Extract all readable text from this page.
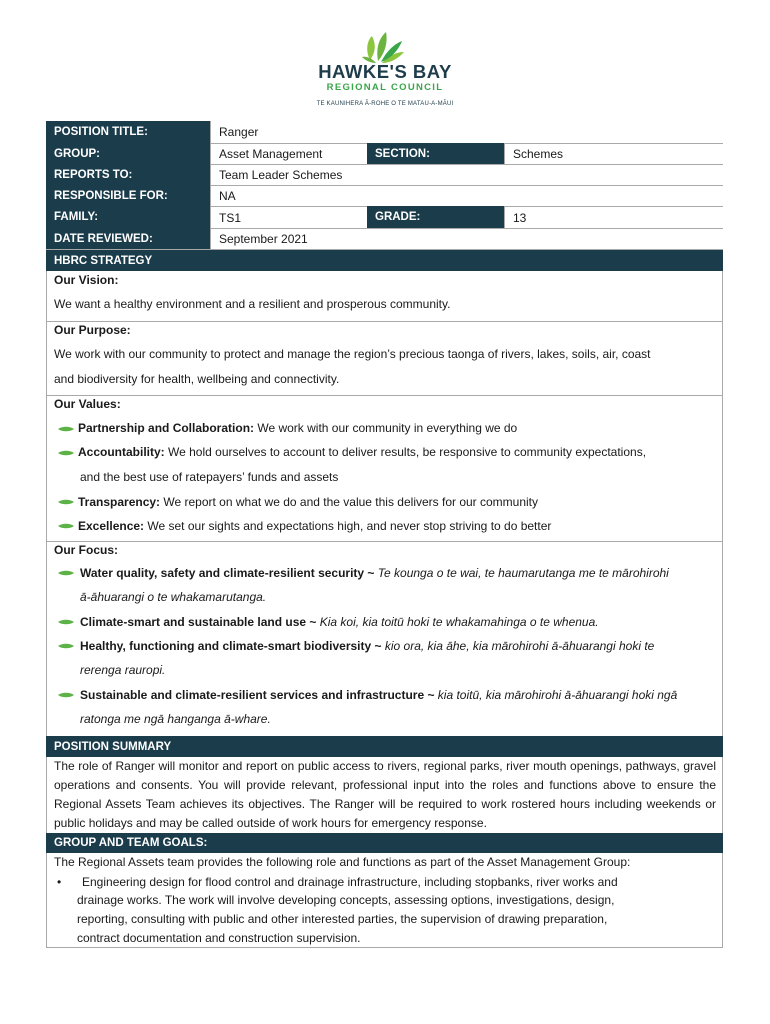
HAWKE'S BAY
REGIONAL COUNCIL
TE KAUNIHERA Ā-ROHE O TE MATAU-A-MĀUI
POSITION TITLE:	Ranger
GROUP:	Asset Management	SECTION:	Schemes
REPORTS TO:	Team Leader Schemes
RESPONSIBLE FOR:	NA
FAMILY:	TS1	GRADE:	13
DATE REVIEWED:	September 2021
HBRC STRATEGY
Our Vision:
We want a healthy environment and a resilient and prosperous community.
Our Purpose:
We work with our community to protect and manage the region’s precious taonga of rivers, lakes, soils, air, coast
and biodiversity for health, wellbeing and connectivity.
Our Values:
Partnership and Collaboration: We work with our community in everything we do
Accountability: We hold ourselves to account to deliver results, be responsive to community expectations,
and the best use of ratepayers’ funds and assets
Transparency: We report on what we do and the value this delivers for our community
Excellence: We set our sights and expectations high, and never stop striving to do better
Our Focus:
Water quality, safety and climate-resilient security ~ Te kounga o te wai, te haumarutanga me te mārohirohi
ā-āhuarangi o te whakamarutanga.
Climate-smart and sustainable land use ~ Kia koi, kia toitū hoki te whakamahinga o te whenua.
Healthy, functioning and climate-smart biodiversity ~ kio ora, kia āhe, kia mārohirohi ā-āhuarangi hoki te
rerenga rauropi.
Sustainable and climate-resilient services and infrastructure ~ kia toitū, kia mārohirohi ā-āhuarangi hoki ngā
ratonga me ngā hanganga ā-whare.
POSITION SUMMARY
The role of Ranger will monitor and report on public access to rivers, regional parks, river mouth openings, pathways, gravel operations and consents. You will provide relevant, professional input into the roles and functions above to ensure the Regional Assets Team achieves its objectives. The Ranger will be required to work rostered hours including weekends or public holidays and may be called outside of work hours for emergency response.
GROUP AND TEAM GOALS:
The Regional Assets team provides the following role and functions as part of the Asset Management Group:
• Engineering design for flood control and drainage infrastructure, including stopbanks, river works and
drainage works. The work will involve developing concepts, assessing options, investigations, design,
reporting, consulting with public and other interested parties, the supervision of drawing preparation,
contract documentation and construction supervision.
